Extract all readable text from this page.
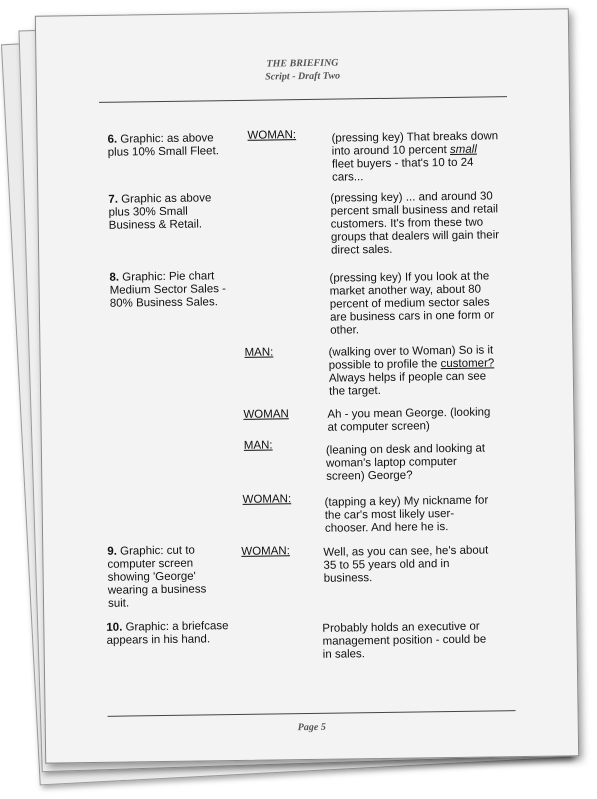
THE BRIEFING
Script - Draft Two
6. Graphic: as above plus 10% Small Fleet.
7. Graphic as above plus 30% Small Business & Retail.
8. Graphic: Pie chart Medium Sector Sales - 80% Business Sales.
9. Graphic: cut to computer screen showing 'George' wearing a business suit.
10. Graphic: a briefcase appears in his hand.
WOMAN:
MAN:
WOMAN
MAN:
WOMAN:
WOMAN:
(pressing key) That breaks down into around 10 percent small fleet buyers - that's 10 to 24 cars...
(pressing key) ... and around 30 percent small business and retail customers. It's from these two groups that dealers will gain their direct sales.
(pressing key) If you look at the market another way, about 80 percent of medium sector sales are business cars in one form or other.
(walking over to Woman) So is it possible to profile the customer? Always helps if people can see the target.
Ah - you mean George. (looking at computer screen)
(leaning on desk and looking at woman's laptop computer screen) George?
(tapping a key) My nickname for the car's most likely user-chooser. And here he is.
Well, as you can see, he's about 35 to 55 years old and in business.
Probably holds an executive or management position - could be in sales.
Page 5
